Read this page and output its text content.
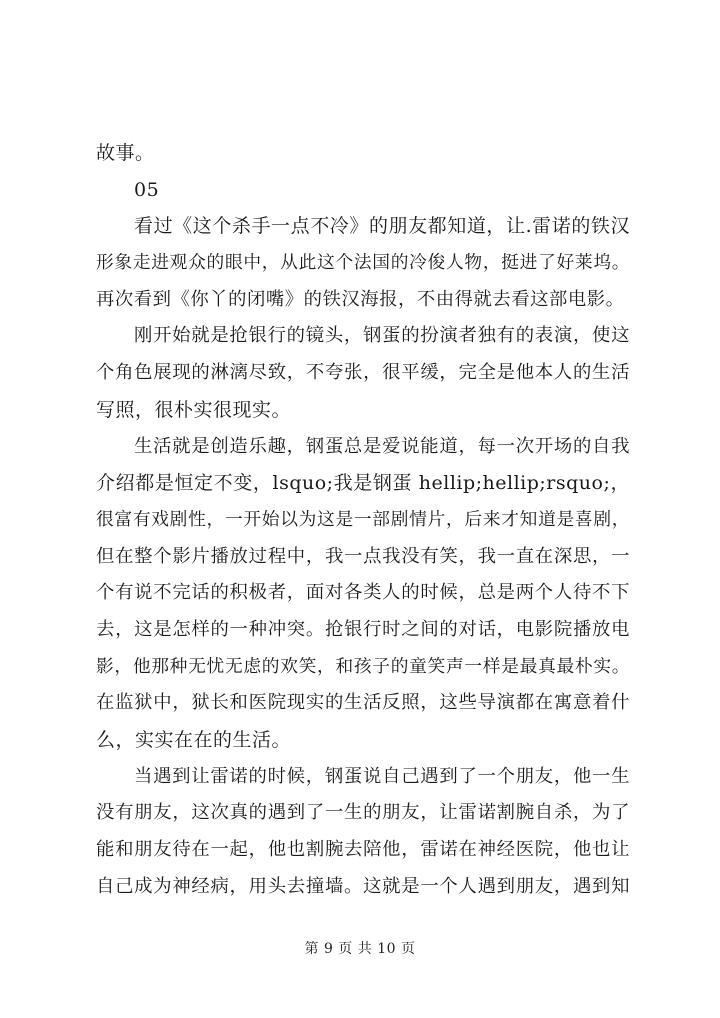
故事。
05
看过《这个杀手一点不冷》的朋友都知道，让.雷诺的铁汉
形象走进观众的眼中，从此这个法国的冷俊人物，挺进了好莱坞。
再次看到《你丫的闭嘴》的铁汉海报，不由得就去看这部电影。
刚开始就是抢银行的镜头，钢蛋的扮演者独有的表演，使这
个角色展现的淋漓尽致，不夸张，很平缓，完全是他本人的生活
写照，很朴实很现实。
生活就是创造乐趣，钢蛋总是爱说能道，每一次开场的自我
介绍都是恒定不变，lsquo;我是钢蛋 hellip;hellip;rsquo;，
很富有戏剧性，一开始以为这是一部剧情片，后来才知道是喜剧，
但在整个影片播放过程中，我一点我没有笑，我一直在深思，一
个有说不完话的积极者，面对各类人的时候，总是两个人待不下
去，这是怎样的一种冲突。抢银行时之间的对话，电影院播放电
影，他那种无忧无虑的欢笑，和孩子的童笑声一样是最真最朴实。
在监狱中，狱长和医院现实的生活反照，这些导演都在寓意着什
么，实实在在的生活。
当遇到让雷诺的时候，钢蛋说自己遇到了一个朋友，他一生
没有朋友，这次真的遇到了一生的朋友，让雷诺割腕自杀，为了
能和朋友待在一起，他也割腕去陪他，雷诺在神经医院，他也让
自己成为神经病，用头去撞墙。这就是一个人遇到朋友，遇到知
第 9 页 共 10 页
